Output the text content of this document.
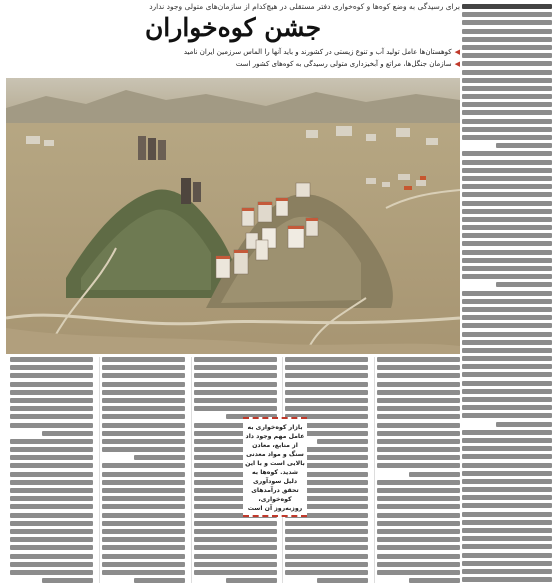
برای رسیدگی به وضع کوه‌ها و کوه‌خواری دفتر مستقلی در هیچ‌کدام از سازمان‌های متولی وجود ندارد
جشن کوه‌خواران
◀کوهستان‌ها عامل تولید آب و تنوع زیستی در کشورند و باید آنها را الماس سرزمین ایران نامید
◀سازمان جنگل‌ها، مراتع و آبخیزداری متولی رسیدگی به کوه‌های کشور است
بازار کوه‌خواری به عامل مهم وجود داد از منابع، معادن سنگ و مواد معدنی بالایی است و با این شدید. کوه‌ها به دلیل سودآوری تحقق درآمدهای کوه‌خواری، روزبه‌روز آن است
